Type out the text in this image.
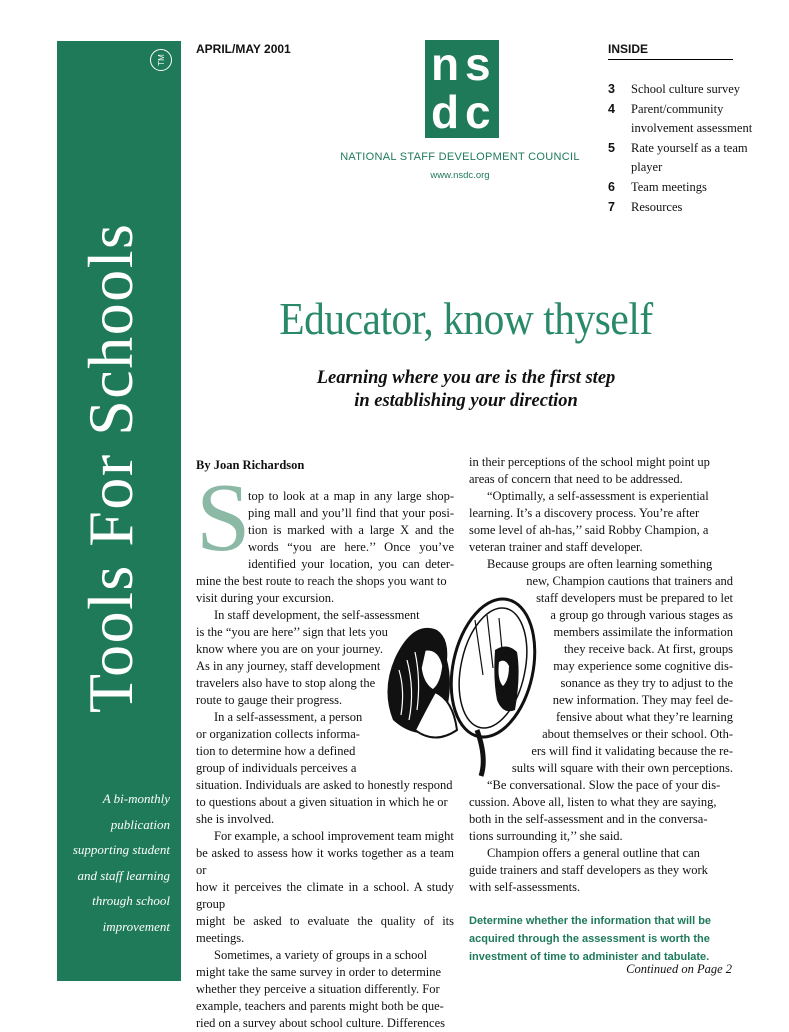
TM
A bi-monthly
publication
supporting student
and staff learning
through school
improvement
Tools For Schools
APRIL/MAY 2001	n s
d c
NATIONAL STAFF DEVELOPMENT COUNCIL
www.nsdc.org
INSIDE
3	School culture survey
4	Parent/community involvement assessment
5	Rate yourself as a team player
6	Team meetings
7	Resources
Educator, know thyself
Learning where you are is the first step
in establishing your direction
By Joan Richardson
S
top to look at a map in any large shop-
ping mall and you’ll find that your posi-
tion is marked with a large X and the
words “you are here.’’ Once you’ve
identified your location, you can deter-
mine the best route to reach the shops you want to
visit during your excursion.
In staff development, the self-assessment
is the “you are here’’ sign that lets you
know where you are on your journey.
As in any journey, staff development
travelers also have to stop along the
route to gauge their progress.
In a self-assessment, a person
or organization collects informa-
tion to determine how a defined
group of individuals perceives a
situation. Individuals are asked to honestly respond
to questions about a given situation in which he or
she is involved.
For example, a school improvement team might
be asked to assess how it works together as a team or
how it perceives the climate in a school. A study group
might be asked to evaluate the quality of its meetings.
Sometimes, a variety of groups in a school
might take the same survey in order to determine
whether they perceive a situation differently. For
example, teachers and parents might both be que-
ried on a survey about school culture. Differences
in their perceptions of the school might point up
areas of concern that need to be addressed.
“Optimally, a self-assessment is experiential
learning. It’s a discovery process. You’re after
some level of ah-has,’’ said Robby Champion, a
veteran trainer and staff developer.
Because groups are often learning something
new, Champion cautions that trainers and
staff developers must be prepared to let
a group go through various stages as
members assimilate the information
they receive back. At first, groups
may experience some cognitive dis-
sonance as they try to adjust to the
new information. They may feel de-
fensive about what they’re learning
about themselves or their school. Oth-
ers will find it validating because the re-
sults will square with their own perceptions.
“Be conversational. Slow the pace of your dis-
cussion. Above all, listen to what they are saying,
both in the self-assessment and in the conversa-
tions surrounding it,’’ she said.
Champion offers a general outline that can
guide trainers and staff developers as they work
with self-assessments.
Determine whether the information that will be acquired through the assessment is worth the investment of time to administer and tabulate.
Continued on Page 2
